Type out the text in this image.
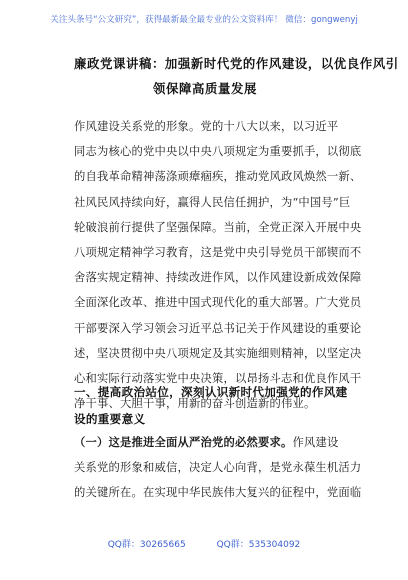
关注头条号“公文研究”，获得最新最全最专业的公文资料库！ 微信：gongwenyj
廉政党课讲稿：加强新时代党的作风建设，以优良作风引
领保障高质量发展
作风建设关系党的形象。党的十八大以来，以习近平
同志为核心的党中央以中央八项规定为重要抓手，以彻底
的自我革命精神荡涤顽瘴痼疾，推动党风政风焕然一新、
社风民风持续向好，赢得人民信任拥护，为“中国号”巨
轮破浪前行提供了坚强保障。当前，全党正深入开展中央
八项规定精神学习教育，这是党中央引导党员干部锲而不
舍落实规定精神、持续改进作风，以作风建设新成效保障
全面深化改革、推进中国式现代化的重大部署。广大党员
干部要深入学习领会习近平总书记关于作风建设的重要论
述，坚决贯彻中央八项规定及其实施细则精神，以坚定决
心和实际行动落实党中央决策，以昂扬斗志和优良作风干
净干事、大胆干事，用新的奋斗创造新的伟业。
一、提高政治站位，深刻认识新时代加强党的作风建
设的重要意义
（一）这是推进全面从严治党的必然要求。作风建设
关系党的形象和威信，决定人心向背，是党永葆生机活力
的关键所在。在实现中华民族伟大复兴的征程中，党面临
QQ群：30265665	QQ群：535304092
